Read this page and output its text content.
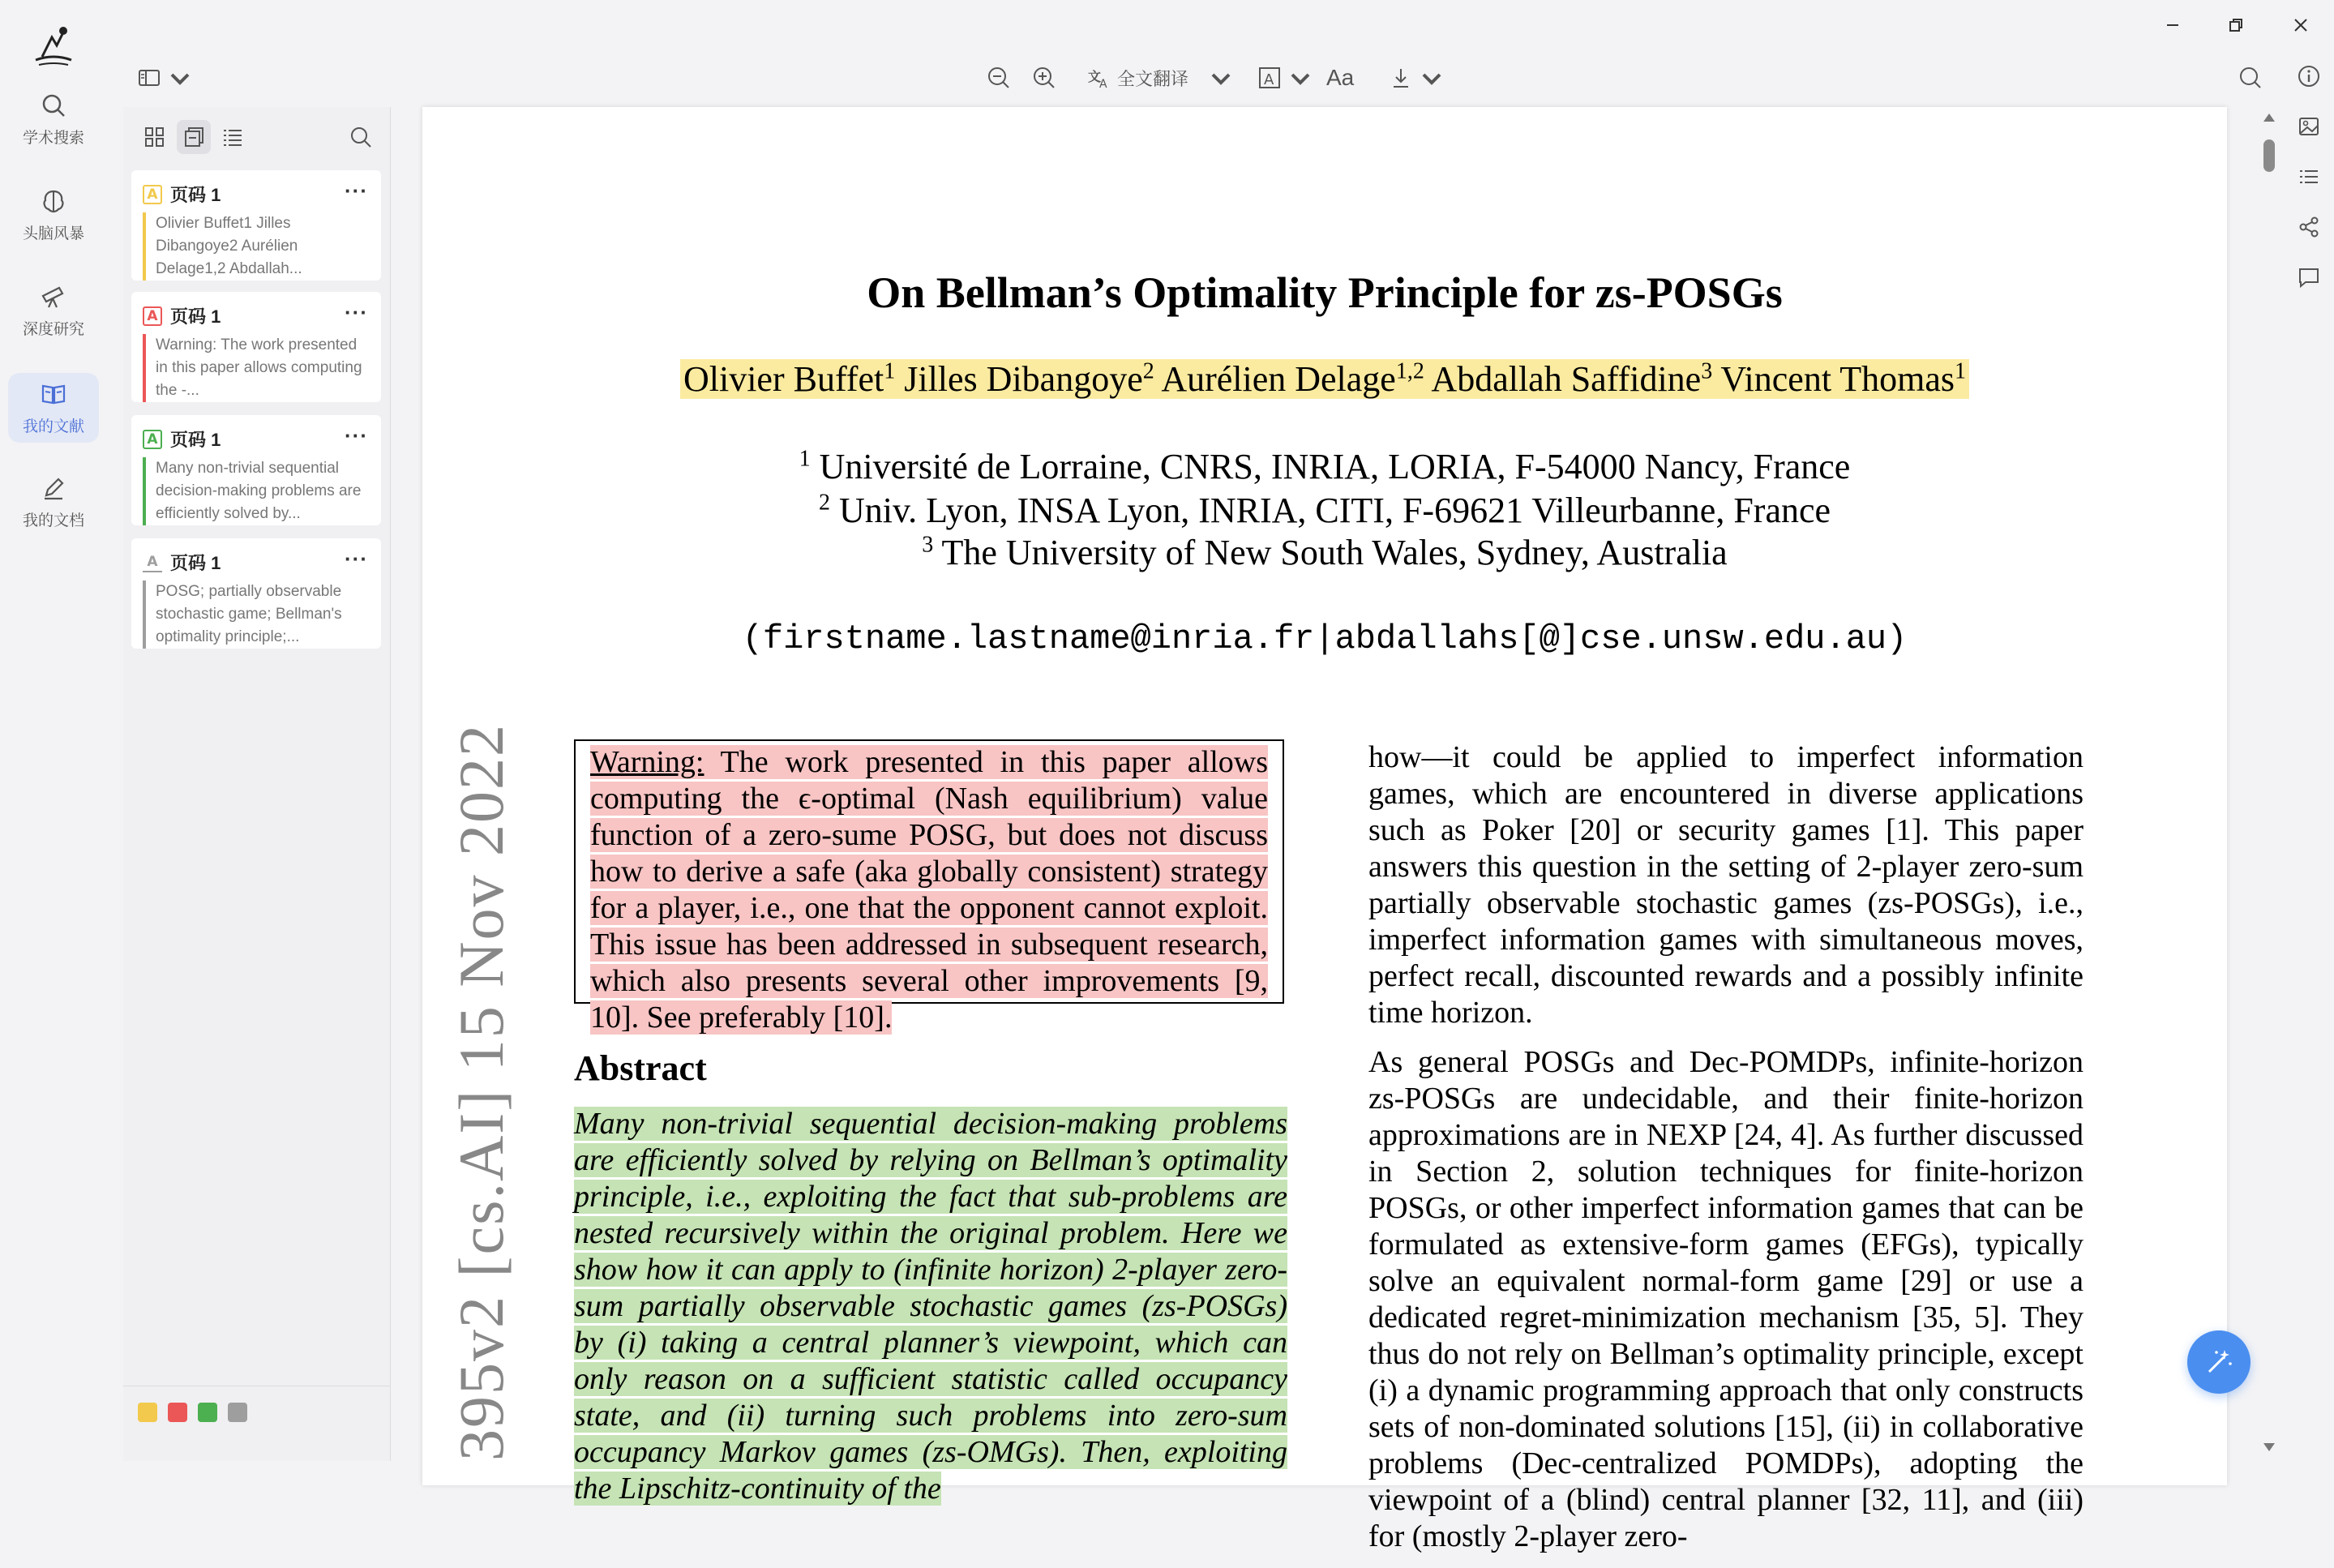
学术搜索
头脑风暴
深度研究
我的文献
我的文档
文
A 全文翻译	A Aa
A 页码 1	···
Olivier Buffet1 Jilles Dibangoye2 Aurélien Delage1,2 Abdallah...
A 页码 1	···
Warning: The work presented in this paper allows computing the -...
A 页码 1	···
Many non-trivial sequential decision-making problems are efficiently solved by...
A 页码 1	···
POSG; partially observable stochastic game; Bellman's optimality principle;...
On Bellman’s Optimality Principle for zs-POSGs
Olivier Buffet$^1$ Jilles Dibangoye$^2$ Aurélien Delage$^{1,2}$ Abdallah Saffidine$^3$ Vincent Thomas$^1$
$^1$ Université de Lorraine, CNRS, INRIA, LORIA, F-54000 Nancy, France
$^2$ Univ. Lyon, INSA Lyon, INRIA, CITI, F-69621 Villeurbanne, France
$^3$ The University of New South Wales, Sydney, Australia
(firstname.lastname@inria.fr|abdallahs[@]cse.unsw.edu.au)
395v2 [cs.AI] 15 Nov 2022	Warning: The work presented in this paper allows computing the ϵ-optimal (Nash equilibrium) value function of a zero-sume POSG, but does not discuss how to derive a safe (aka globally consistent) strategy for a player, i.e., one that the opponent cannot exploit. This issue has been addressed in subsequent research, which also presents several other improvements [9, 10]. See preferably [10].
Abstract
Many non-trivial sequential decision-making problems are efficiently solved by relying on Bellman’s optimality principle, i.e., exploiting the fact that sub-problems are nested recursively within the original problem. Here we show how it can apply to (infinite horizon) 2-player zero-sum partially observable stochastic games (zs-POSGs) by (i) taking a central planner’s viewpoint, which can only reason on a sufficient statistic called occupancy state, and (ii) turning such problems into zero-sum occupancy Markov games (zs-OMGs). Then, exploiting the Lipschitz-continuity of the

how—it could be applied to imperfect information games, which are encountered in diverse applications such as Poker [20] or security games [1]. This paper answers this question in the setting of 2-player zero-sum partially observable stochastic games (zs-POSGs), i.e., imperfect information games with simultaneous moves, perfect recall, discounted rewards and a possibly infinite time horizon.

As general POSGs and Dec-POMDPs, infinite-horizon zs-POSGs are undecidable, and their finite-horizon approximations are in NEXP [24, 4]. As further discussed in Section 2, solution techniques for finite-horizon POSGs, or other imperfect information games that can be formulated as extensive-form games (EFGs), typically solve an equivalent normal-form game [29] or use a dedicated regret-minimization mechanism [35, 5]. They thus do not rely on Bellman’s optimality principle, except (i) a dynamic programming approach that only constructs sets of non-dominated solutions [15], (ii) in collaborative problems (Dec-centralized POMDPs), adopting the viewpoint of a (blind) central planner [32, 11], and (iii) for (mostly 2-player zero-
